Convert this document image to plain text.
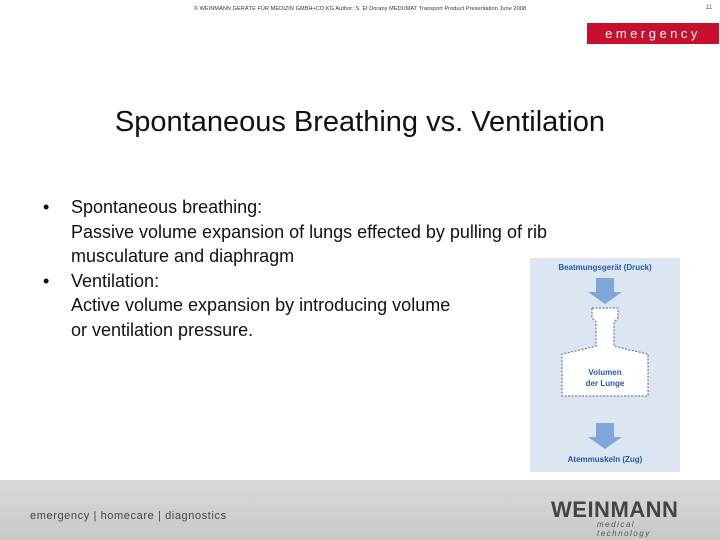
© WEINMANN GERÄTE FÜR MEDIZIN GMBH+CO.KG Author: S. El Dorany MEDUMAT Transport Product Presentation June 2008	11
emergency
Spontaneous Breathing vs. Ventilation
• Spontaneous breathing:
Passive volume expansion of lungs effected by pulling of rib musculature and diaphragm
• Ventilation:
Active volume expansion by introducing volume
or ventilation pressure.
Beatmungsgerät (Druck)
Volumen
der Lunge
Atemmuskeln (Zug)
emergency | homecare | diagnostics	WEINMANN
medical technology
